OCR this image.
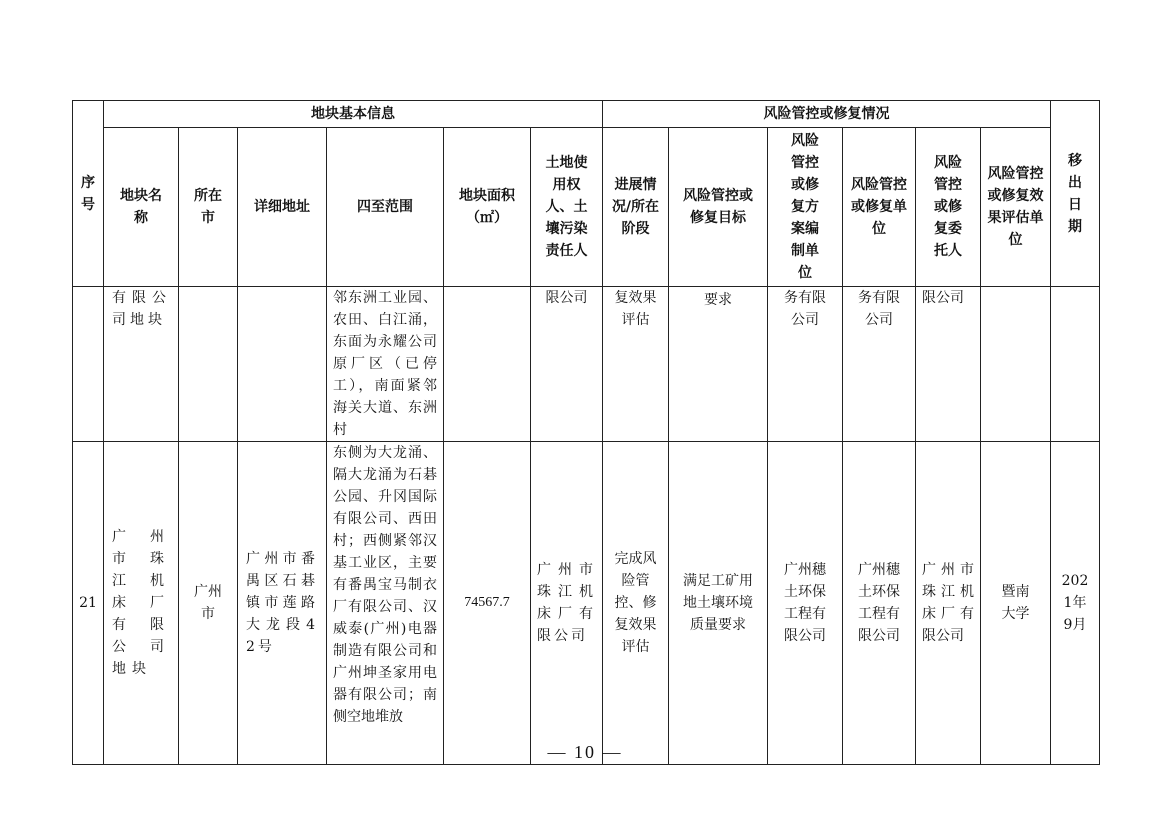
序号	地块基本信息						风险管控或修复情况						移出日期
	地块名称	所在市	详细地址	四至范围	地块面积（㎡）	土地使用权人、土壤污染责任人	进展情况/所在阶段	风险管控或修复目标	风险管控或修复方案编制单位	风险管控或修复单位	风险管控或修复委托人	风险管控或修复效果评估单位	
	有限公司地块			邻东洲工业园、农田、白江涌，东面为永耀公司原厂区（已停工），南面紧邻海关大道、东洲村		限公司	复效果评估	要求	务有限公司	务有限公司	限公司		
21	广州市珠江机床厂有限公司地块	广州市	广州市番禺区石碁镇市莲路大龙段42号	东侧为大龙涌、隔大龙涌为石碁公园、升冈国际有限公司、西田村；西侧紧邻汉基工业区，主要有番禺宝马制衣厂有限公司、汉威泰(广州)电器制造有限公司和广州坤圣家用电器有限公司；南侧空地堆放	74567.7	广州市珠江机床厂有限公司	完成风险管控、修复效果评估	满足工矿用地土壤环境质量要求	广州穗土环保工程有限公司	广州穗土环保工程有限公司	广州市珠江机床厂有限公司	暨南大学	2021年9月
— 10 —
